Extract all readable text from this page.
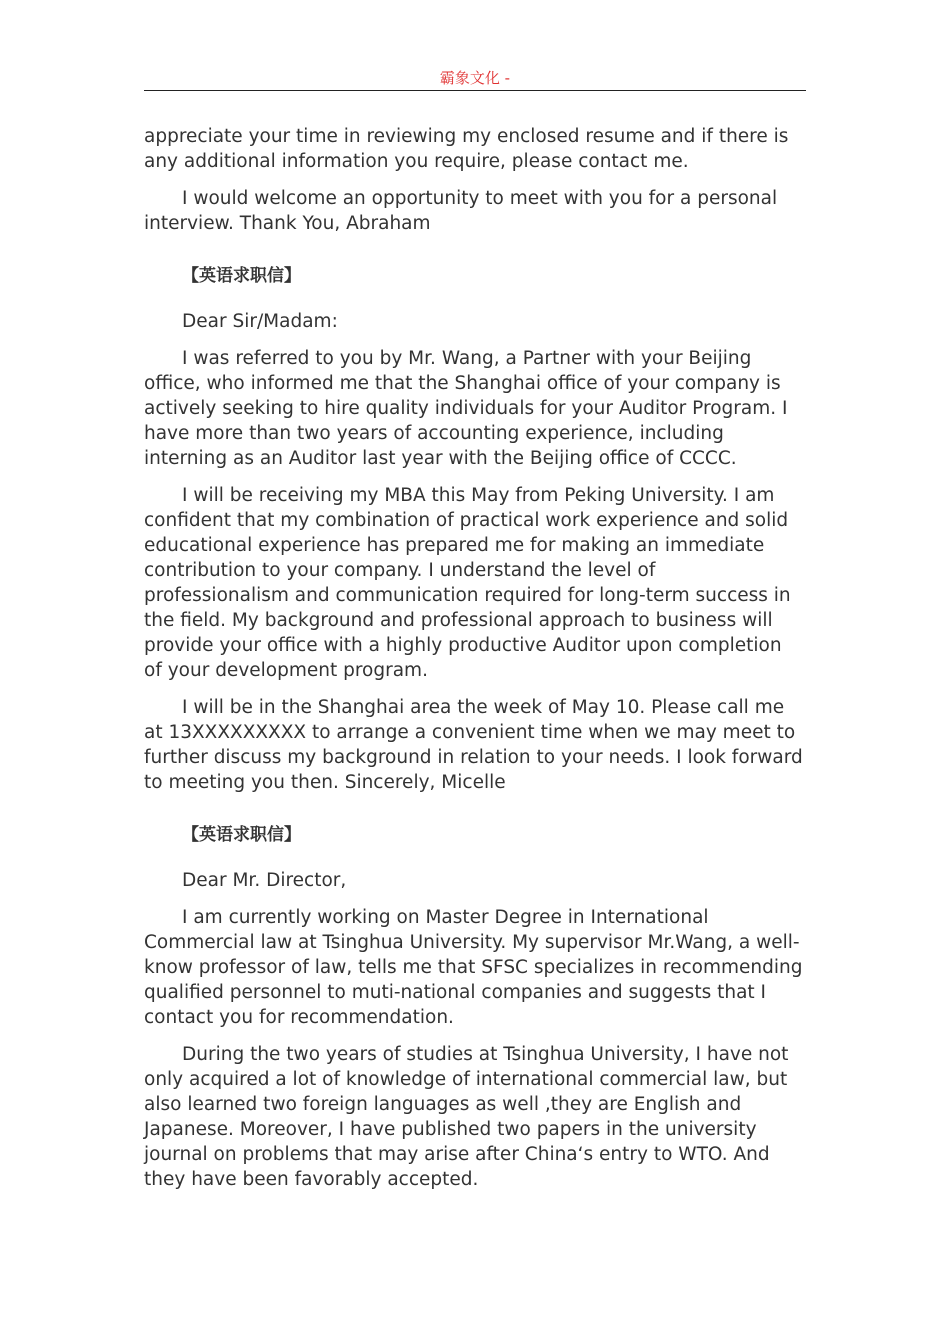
霸象文化 -

appreciate your time in reviewing my enclosed resume and if there is any additional information you require, please contact me.

I would welcome an opportunity to meet with you for a personal interview. Thank You, Abraham

【英语求职信】

Dear Sir/Madam:

I was referred to you by Mr. Wang, a Partner with your Beijing office, who informed me that the Shanghai office of your company is actively seeking to hire quality individuals for your Auditor Program. I have more than two years of accounting experience, including interning as an Auditor last year with the Beijing office of CCCC.

I will be receiving my MBA this May from Peking University. I am confident that my combination of practical work experience and solid educational experience has prepared me for making an immediate contribution to your company. I understand the level of professionalism and communication required for long-term success in the field. My background and professional approach to business will provide your office with a highly productive Auditor upon completion of your development program.

I will be in the Shanghai area the week of May 10. Please call me at 13XXXXXXXXX to arrange a convenient time when we may meet to further discuss my background in relation to your needs. I look forward to meeting you then. Sincerely, Micelle

【英语求职信】

Dear Mr. Director,

I am currently working on Master Degree in International Commercial law at Tsinghua University. My supervisor Mr.Wang, a well-know professor of law, tells me that SFSC specializes in recommending qualified personnel to muti-national companies and suggests that I contact you for recommendation.

During the two years of studies at Tsinghua University, I have not only acquired a lot of knowledge of international commercial law, but also learned two foreign languages as well ,they are English and Japanese. Moreover, I have published two papers in the university journal on problems that may arise after China‘s entry to WTO. And they have been favorably accepted.
